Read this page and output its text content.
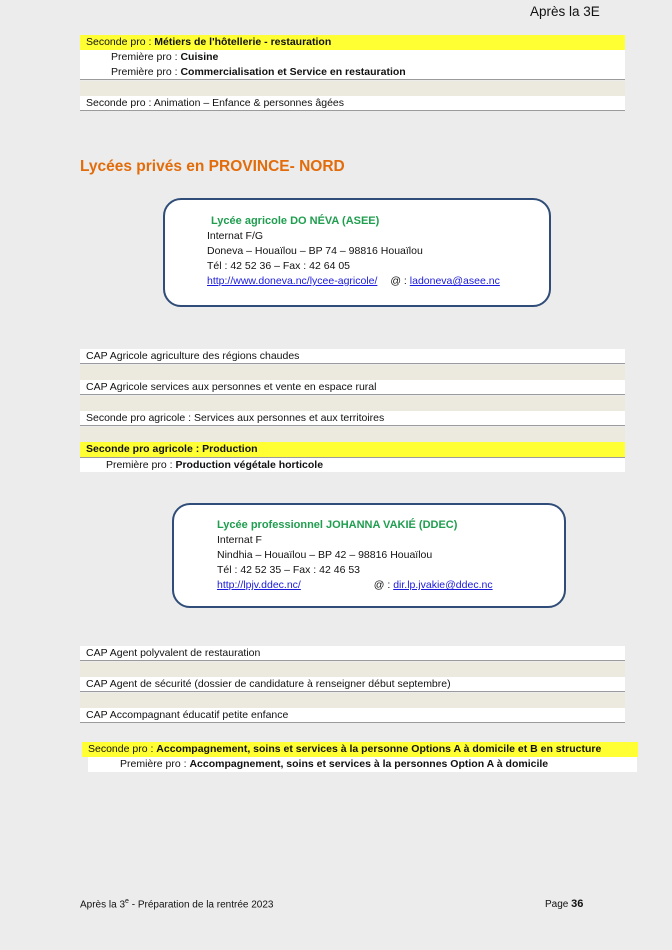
Après la 3E
Seconde pro : Métiers de l'hôtellerie - restauration
Première pro : Cuisine
Première pro : Commercialisation et Service en restauration
Seconde pro : Animation – Enfance & personnes âgées
Lycées privés en PROVINCE- NORD
Lycée agricole DO NÉVA (ASEE)
Internat F/G
Doneva – Houaïlou – BP 74 – 98816 Houaïlou
Tél : 42 52 36 – Fax : 42 64 05
http://www.doneva.nc/lycee-agricole/ @ : ladoneva@asee.nc
CAP Agricole agriculture des régions chaudes
CAP Agricole services aux personnes et vente en espace rural
Seconde pro agricole : Services aux personnes et aux territoires
Seconde pro agricole : Production
Première pro : Production végétale horticole
Lycée professionnel JOHANNA VAKIÉ (DDEC)
Internat F
Nindhia – Houaïlou – BP 42 – 98816 Houaïlou
Tél : 42 52 35 – Fax : 42 46 53
http://lpjv.ddec.nc/	@ : dir.lp.jvakie@ddec.nc
CAP Agent polyvalent de restauration
CAP Agent de sécurité (dossier de candidature à renseigner début septembre)
CAP Accompagnant éducatif petite enfance
Seconde pro : Accompagnement, soins et services à la personne Options A à domicile et B en structure
Première pro : Accompagnement, soins et services à la personnes Option A à domicile
Après la 3e - Préparation de la rentrée 2023	Page 36
